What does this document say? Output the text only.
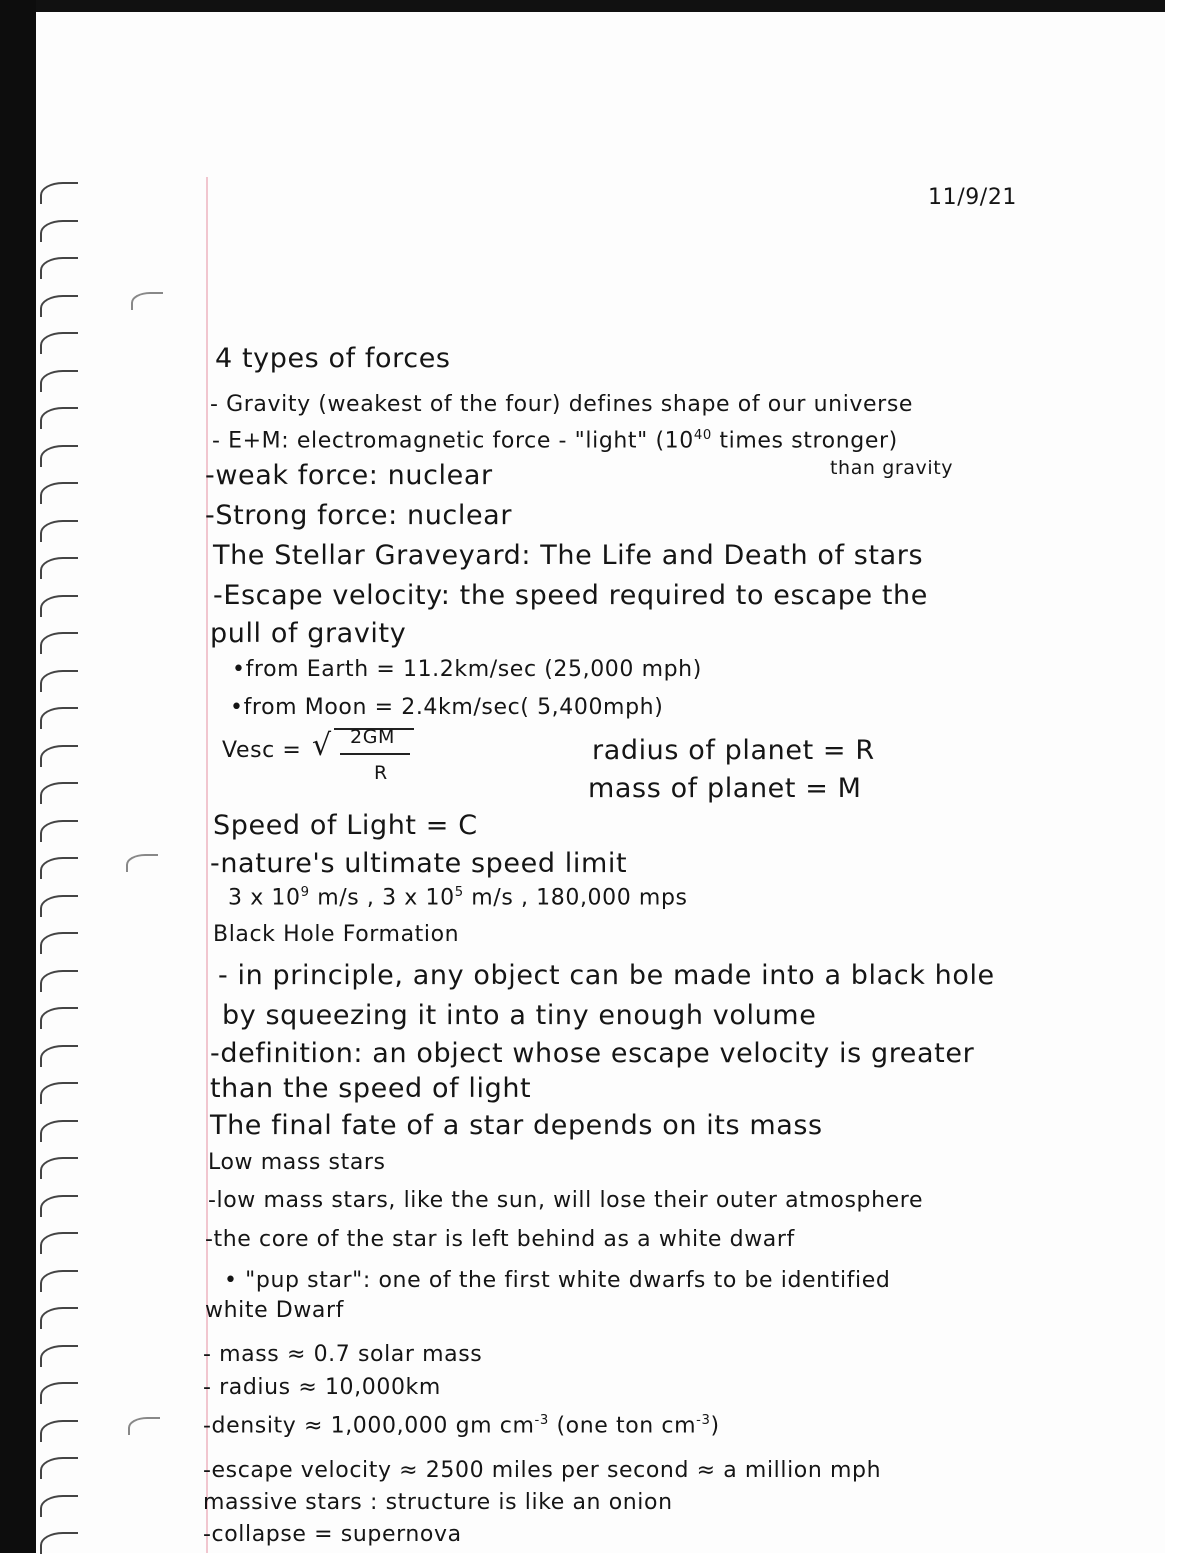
11/9/21
4 types of forces
- Gravity (weakest of the four) defines shape of our universe
- E+M: electromagnetic force - "light" ($10^{40}$ times stronger)
than gravity
-weak force: nuclear
-Strong force: nuclear
The Stellar Graveyard: The Life and Death of stars
-Escape velocity: the speed required to escape the
pull of gravity
•from Earth = 11.2km/sec (25,000 mph)
•from Moon = 2.4km/sec( 5,400mph)
Vesc = √ 2GM
R
radius of planet = R
mass of planet = M
Speed of Light = C
-nature's ultimate speed limit
3 x $10^9$ m/s , 3 x $10^5$ m/s , 180,000 mps
Black Hole Formation
- in principle, any object can be made into a black hole
by squeezing it into a tiny enough volume
-definition: an object whose escape velocity is greater
than the speed of light
The final fate of a star depends on its mass
Low mass stars
-low mass stars, like the sun, will lose their outer atmosphere
-the core of the star is left behind as a white dwarf
• "pup star": one of the first white dwarfs to be identified
white Dwarf
- mass ≈ 0.7 solar mass
- radius ≈ 10,000km
-density ≈ 1,000,000 gm $cm^{-3}$ (one ton $cm^{-3}$)
-escape velocity ≈ 2500 miles per second ≈ a million mph
massive stars : structure is like an onion
-collapse = supernova
